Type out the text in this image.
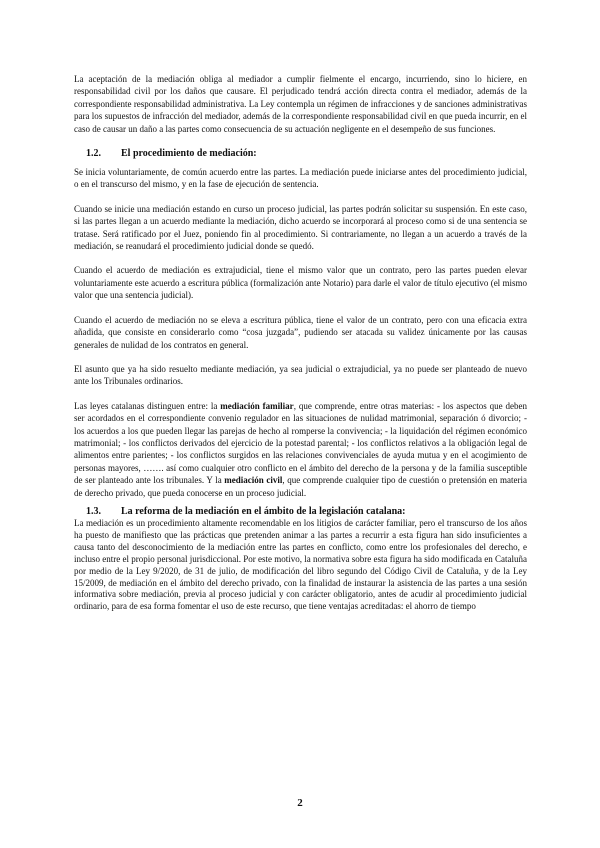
La aceptación de la mediación obliga al mediador a cumplir fielmente el encargo, incurriendo, sino lo hiciere, en responsabilidad civil por los daños que causare. El perjudicado tendrá acción directa contra el mediador, además de la correspondiente responsabilidad administrativa. La Ley contempla un régimen de infracciones y de sanciones administrativas para los supuestos de infracción del mediador, además de la correspondiente responsabilidad civil en que pueda incurrir, en el caso de causar un daño a las partes como consecuencia de su actuación negligente en el desempeño de sus funciones.

1.2.	El procedimiento de mediación:

Se inicia voluntariamente, de común acuerdo entre las partes. La mediación puede iniciarse antes del procedimiento judicial, o en el transcurso del mismo, y en la fase de ejecución de sentencia.

Cuando se inicie una mediación estando en curso un proceso judicial, las partes podrán solicitar su suspensión. En este caso, si las partes llegan a un acuerdo mediante la mediación, dicho acuerdo se incorporará al proceso como si de una sentencia se tratase. Será ratificado por el Juez, poniendo fin al procedimiento. Si contrariamente, no llegan a un acuerdo a través de la mediación, se reanudará el procedimiento judicial donde se quedó.

Cuando el acuerdo de mediación es extrajudicial, tiene el mismo valor que un contrato, pero las partes pueden elevar voluntariamente este acuerdo a escritura pública (formalización ante Notario) para darle el valor de título ejecutivo (el mismo valor que una sentencia judicial).

Cuando el acuerdo de mediación no se eleva a escritura pública, tiene el valor de un contrato, pero con una eficacia extra añadida, que consiste en considerarlo como “cosa juzgada”, pudiendo ser atacada su validez únicamente por las causas generales de nulidad de los contratos en general.

El asunto que ya ha sido resuelto mediante mediación, ya sea judicial o extrajudicial, ya no puede ser planteado de nuevo ante los Tribunales ordinarios.

Las leyes catalanas distinguen entre: la mediación familiar, que comprende, entre otras materias: - los aspectos que deben ser acordados en el correspondiente convenio regulador en las situaciones de nulidad matrimonial, separación ó divorcio; - los acuerdos a los que pueden llegar las parejas de hecho al romperse la convivencia; - la liquidación del régimen económico matrimonial; - los conflictos derivados del ejercicio de la potestad parental; - los conflictos relativos a la obligación legal de alimentos entre parientes; - los conflictos surgidos en las relaciones convivenciales de ayuda mutua y en el acogimiento de personas mayores, ……. así como cualquier otro conflicto en el ámbito del derecho de la persona y de la familia susceptible de ser planteado ante los tribunales. Y la mediación civil, que comprende cualquier tipo de cuestión o pretensión en materia de derecho privado, que pueda conocerse en un proceso judicial.

1.3.	La reforma de la mediación en el ámbito de la legislación catalana:

La mediación es un procedimiento altamente recomendable en los litigios de carácter familiar, pero el transcurso de los años ha puesto de manifiesto que las prácticas que pretenden animar a las partes a recurrir a esta figura han sido insuficientes a causa tanto del desconocimiento de la mediación entre las partes en conflicto, como entre los profesionales del derecho, e incluso entre el propio personal jurisdiccional. Por este motivo, la normativa sobre esta figura ha sido modificada en Cataluña por medio de la Ley 9/2020, de 31 de julio, de modificación del libro segundo del Código Civil de Cataluña, y de la Ley 15/2009, de mediación en el ámbito del derecho privado, con la finalidad de instaurar la asistencia de las partes a una sesión informativa sobre mediación, previa al proceso judicial y con carácter obligatorio, antes de acudir al procedimiento judicial ordinario, para de esa forma fomentar el uso de este recurso, que tiene ventajas acreditadas: el ahorro de tiempo

2
